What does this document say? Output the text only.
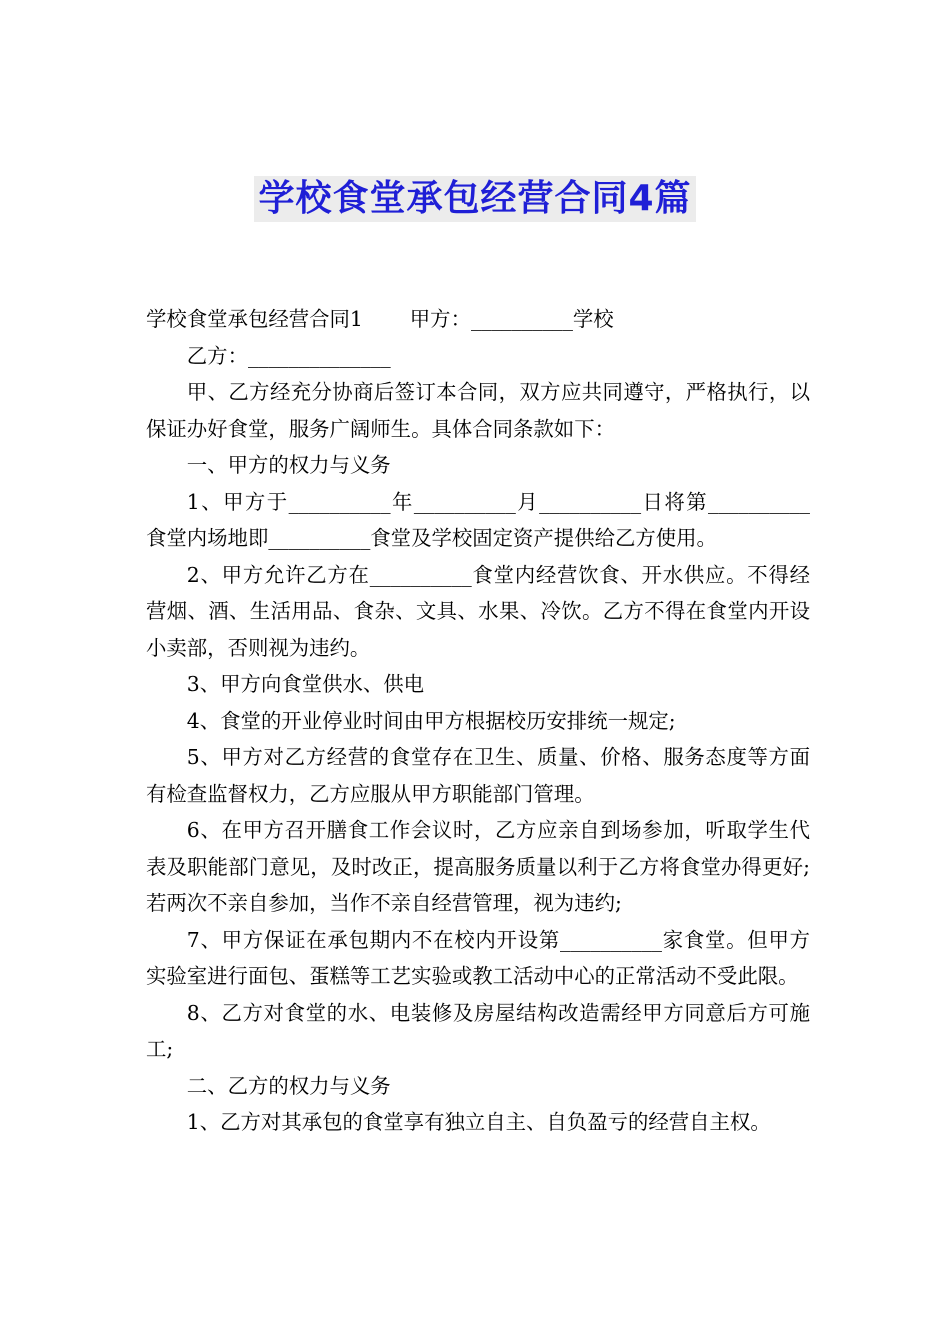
学校食堂承包经营合同4篇

学校食堂承包经营合同1 甲方：__________学校

乙方：______________

甲、乙方经充分协商后签订本合同，双方应共同遵守，严格执行，以保证办好食堂，服务广阔师生。具体合同条款如下：

一、甲方的权力与义务

1、甲方于__________年__________月__________日将第__________食堂内场地即__________食堂及学校固定资产提供给乙方使用。

2、甲方允许乙方在__________食堂内经营饮食、开水供应。不得经营烟、酒、生活用品、食杂、文具、水果、冷饮。乙方不得在食堂内开设小卖部，否则视为违约。

3、甲方向食堂供水、供电

4、食堂的开业停业时间由甲方根据校历安排统一规定;

5、甲方对乙方经营的食堂存在卫生、质量、价格、服务态度等方面有检查监督权力，乙方应服从甲方职能部门管理。

6、在甲方召开膳食工作会议时，乙方应亲自到场参加，听取学生代表及职能部门意见，及时改正，提高服务质量以利于乙方将食堂办得更好;若两次不亲自参加，当作不亲自经营管理，视为违约;

7、甲方保证在承包期内不在校内开设第__________家食堂。但甲方实验室进行面包、蛋糕等工艺实验或教工活动中心的正常活动不受此限。

8、乙方对食堂的水、电装修及房屋结构改造需经甲方同意后方可施工;

二、乙方的权力与义务

1、乙方对其承包的食堂享有独立自主、自负盈亏的经营自主权。
